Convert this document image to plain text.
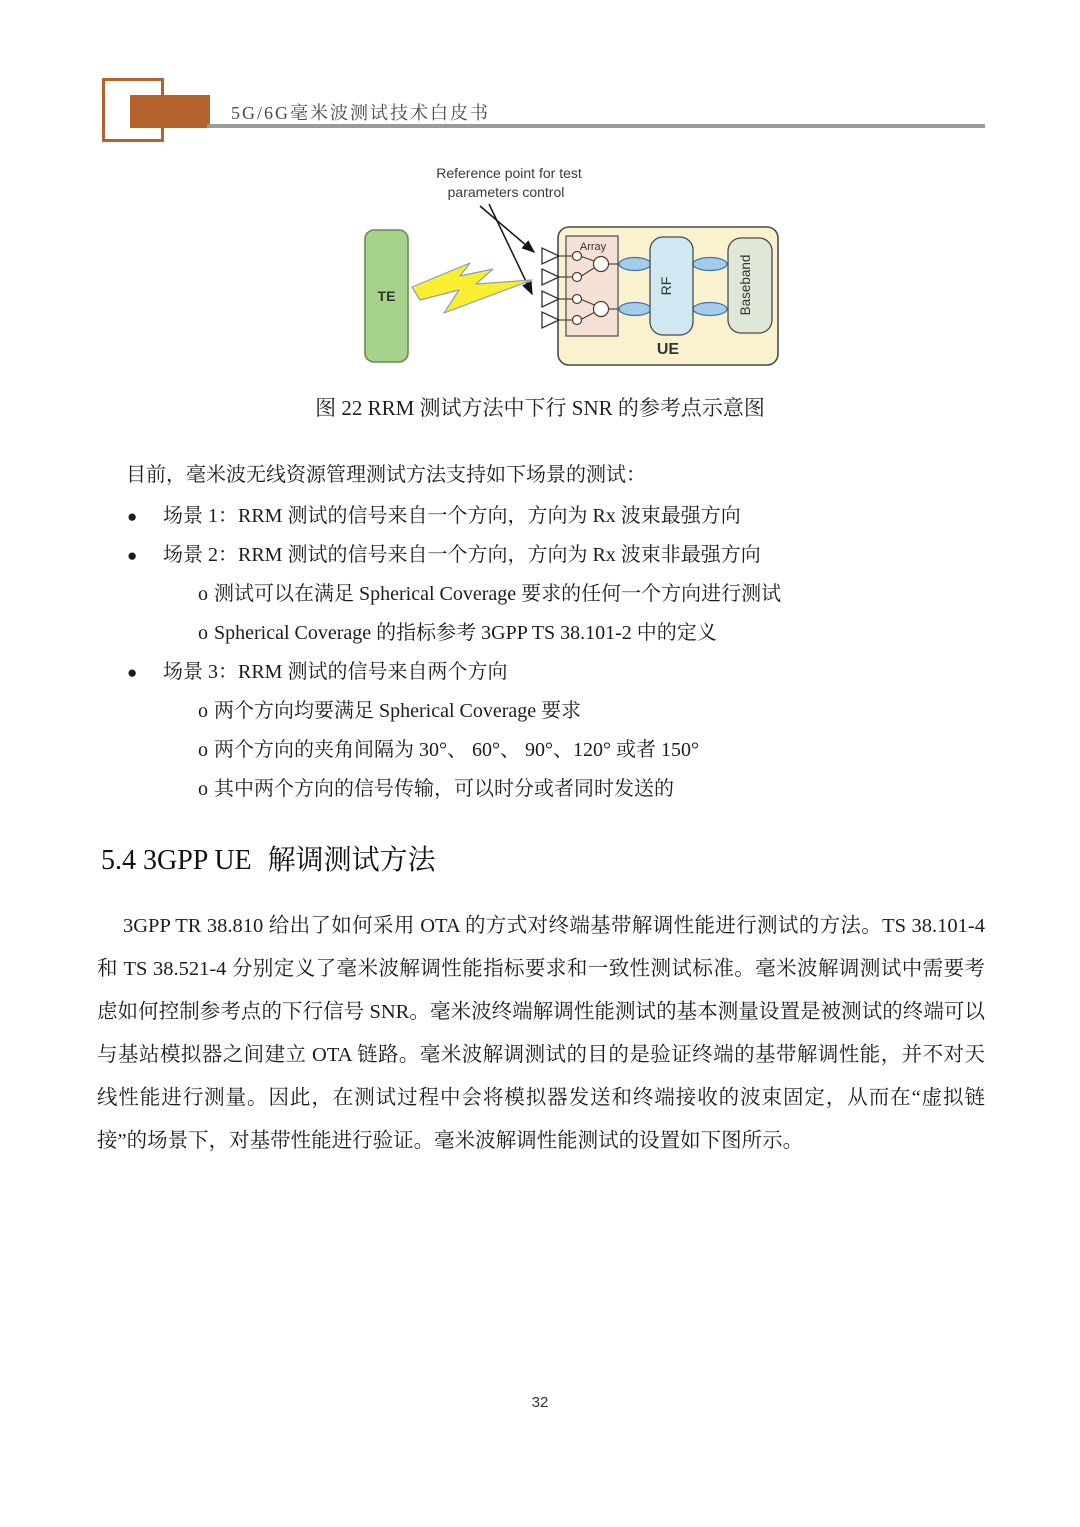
5G/6G毫米波测试技术白皮书
Reference point for test
parameters control
TE
Array
RF	Baseband
UE
图 22 RRM 测试方法中下行 SNR 的参考点示意图

目前，毫米波无线资源管理测试方法支持如下场景的测试：

● 场景 1：RRM 测试的信号来自一个方向，方向为 Rx 波束最强方向
● 场景 2：RRM 测试的信号来自一个方向，方向为 Rx 波束非最强方向
o 测试可以在满足 Spherical Coverage 要求的任何一个方向进行测试
o Spherical Coverage 的指标参考 3GPP TS 38.101-2 中的定义
● 场景 3：RRM 测试的信号来自两个方向
o 两个方向均要满足 Spherical Coverage 要求
o 两个方向的夹角间隔为 30°、 60°、 90°、120° 或者 150°
o 其中两个方向的信号传输，可以时分或者同时发送的
5.4 3GPP UE 解调测试方法

3GPP TR 38.810 给出了如何采用 OTA 的方式对终端基带解调性能进行测试的方法。TS 38.101-4 和 TS 38.521-4 分别定义了毫米波解调性能指标要求和一致性测试标准。毫米波解调测试中需要考虑如何控制参考点的下行信号 SNR。毫米波终端解调性能测试的基本测量设置是被测试的终端可以与基站模拟器之间建立 OTA 链路。毫米波解调测试的目的是验证终端的基带解调性能，并不对天线性能进行测量。因此，在测试过程中会将模拟器发送和终端接收的波束固定，从而在“虚拟链接”的场景下，对基带性能进行验证。毫米波解调性能测试的设置如下图所示。

32
